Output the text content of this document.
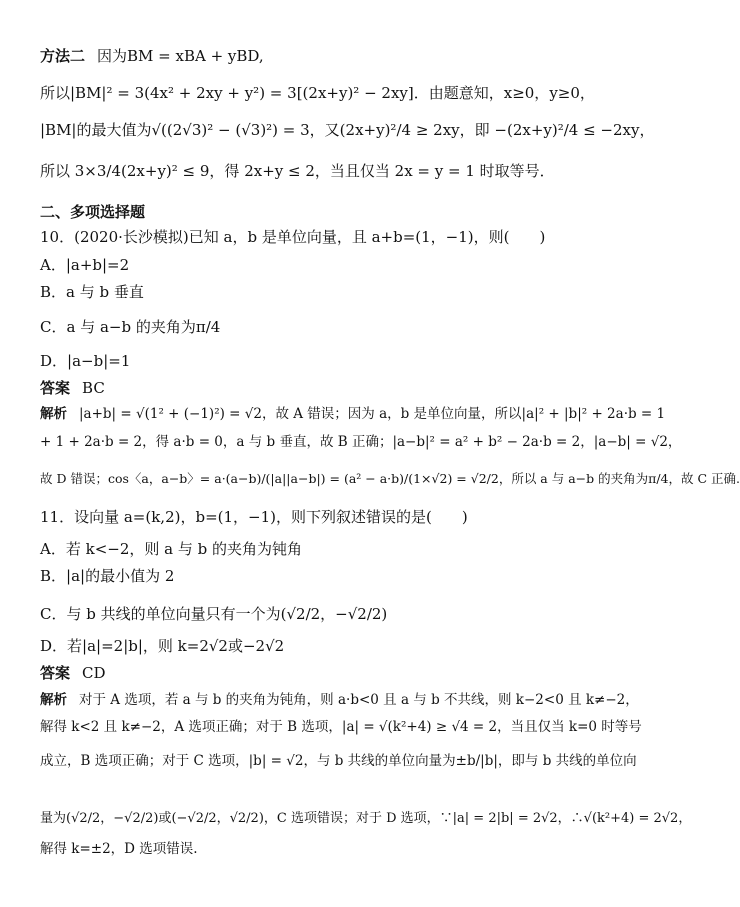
方法二 因为BM = xBA + yBD,
所以|BM|² = 3(4x² + 2xy + y²) = 3[(2x+y)² − 2xy]．由题意知，x≥0，y≥0，
|BM|的最大值为√((2√3)² − (√3)²) = 3，又(2x+y)²/4 ≥ 2xy，即 −(2x+y)²/4 ≤ −2xy，
所以 3×3/4(2x+y)² ≤ 9，得 2x+y ≤ 2，当且仅当 2x = y = 1 时取等号．
二、多项选择题
10．(2020·长沙模拟)已知 a，b 是单位向量，且 a+b=(1，−1)，则(　　)
A．|a+b|=2
B．a 与 b 垂直
C．a 与 a−b 的夹角为π/4
D．|a−b|=1
答案 BC
解析 |a+b| = √(1² + (−1)²) = √2，故 A 错误；因为 a，b 是单位向量，所以|a|² + |b|² + 2a·b = 1
+ 1 + 2a·b = 2，得 a·b = 0，a 与 b 垂直，故 B 正确；|a−b|² = a² + b² − 2a·b = 2，|a−b| = √2，
故 D 错误；cos〈a，a−b〉= a·(a−b)/(|a||a−b|) = (a² − a·b)/(1×√2) = √2/2，所以 a 与 a−b 的夹角为π/4，故 C 正确.
11．设向量 a=(k,2)，b=(1，−1)，则下列叙述错误的是(　　)
A．若 k<−2，则 a 与 b 的夹角为钝角
B．|a|的最小值为 2
C．与 b 共线的单位向量只有一个为(√2/2，−√2/2)
D．若|a|=2|b|，则 k=2√2或−2√2
答案 CD
解析 对于 A 选项，若 a 与 b 的夹角为钝角，则 a·b<0 且 a 与 b 不共线，则 k−2<0 且 k≠−2，
解得 k<2 且 k≠−2，A 选项正确；对于 B 选项，|a| = √(k²+4) ≥ √4 = 2，当且仅当 k=0 时等号
成立，B 选项正确；对于 C 选项，|b| = √2，与 b 共线的单位向量为±b/|b|，即与 b 共线的单位向
量为(√2/2，−√2/2)或(−√2/2，√2/2)，C 选项错误；对于 D 选项，∵|a| = 2|b| = 2√2，∴√(k²+4) = 2√2，
解得 k=±2，D 选项错误.
